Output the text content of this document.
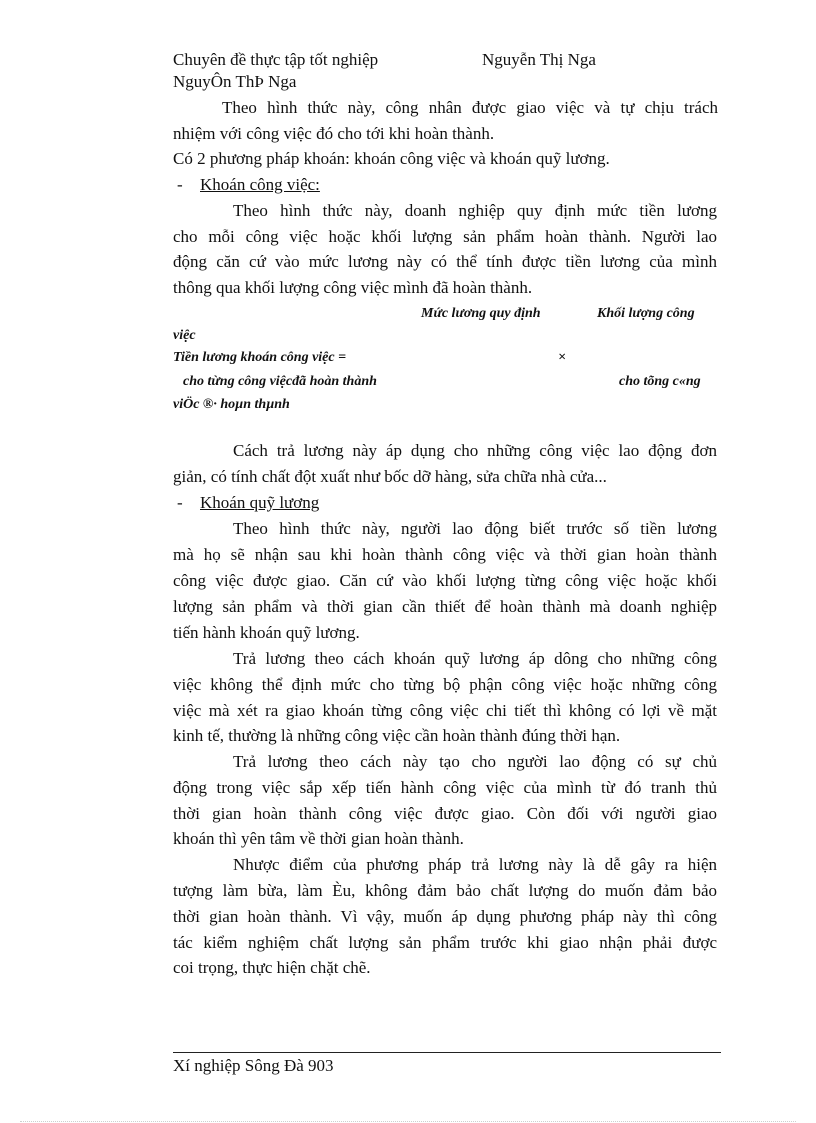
Chuyên đề thực tập tốt nghiệp	Nguyễn Thị Nga
NguyÔn ThÞ Nga
Theo hình thức này, công nhân được giao việc và tự chịu trách
nhiệm với công việc đó cho tới khi hoàn thành.
Có 2 phương pháp khoán: khoán công việc và khoán quỹ lương.
- Khoán công việc:
Theo hình thức này, doanh nghiệp quy định mức tiền lương
cho mỗi công việc hoặc khối lượng sản phẩm hoàn thành. Người lao
động căn cứ vào mức lương này có thể tính được tiền lương của mình
thông qua khối lượng công việc mình đã hoàn thành.
Mức lương quy định	Khối lượng công
việc
Tiền lương khoán công việc =	×
cho từng công việcđã hoàn thành	cho tõng c«ng
viÖc ®· hoµn thµnh
Cách trả lương này áp dụng cho những công việc lao động đơn
giản, có tính chất đột xuất như bốc dỡ hàng, sửa chữa nhà cửa...
- Khoán quỹ lương
Theo hình thức này, người lao động biết trước số tiền lương
mà họ sẽ nhận sau khi hoàn thành công việc và thời gian hoàn thành
công việc được giao. Căn cứ vào khối lượng từng công việc hoặc khối
lượng sản phẩm và thời gian cần thiết để hoàn thành mà doanh nghiệp
tiến hành khoán quỹ lương.
Trả lương theo cách khoán quỹ lương áp dông cho những công
việc không thể định mức cho từng bộ phận công việc hoặc những công
việc mà xét ra giao khoán từng công việc chi tiết thì không có lợi về mặt
kinh tế, thường là những công việc cần hoàn thành đúng thời hạn.
Trả lương theo cách này tạo cho người lao động có sự chủ
động trong việc sắp xếp tiến hành công việc của mình từ đó tranh thủ
thời gian hoàn thành công việc được giao. Còn đối với người giao
khoán thì yên tâm về thời gian hoàn thành.
Nhược điểm của phương pháp trả lương này là dễ gây ra hiện
tượng làm bừa, làm Èu, không đảm bảo chất lượng do muốn đảm bảo
thời gian hoàn thành. Vì vậy, muốn áp dụng phương pháp này thì công
tác kiểm nghiệm chất lượng sản phẩm trước khi giao nhận phải được
coi trọng, thực hiện chặt chẽ.
Xí nghiệp Sông Đà 903
